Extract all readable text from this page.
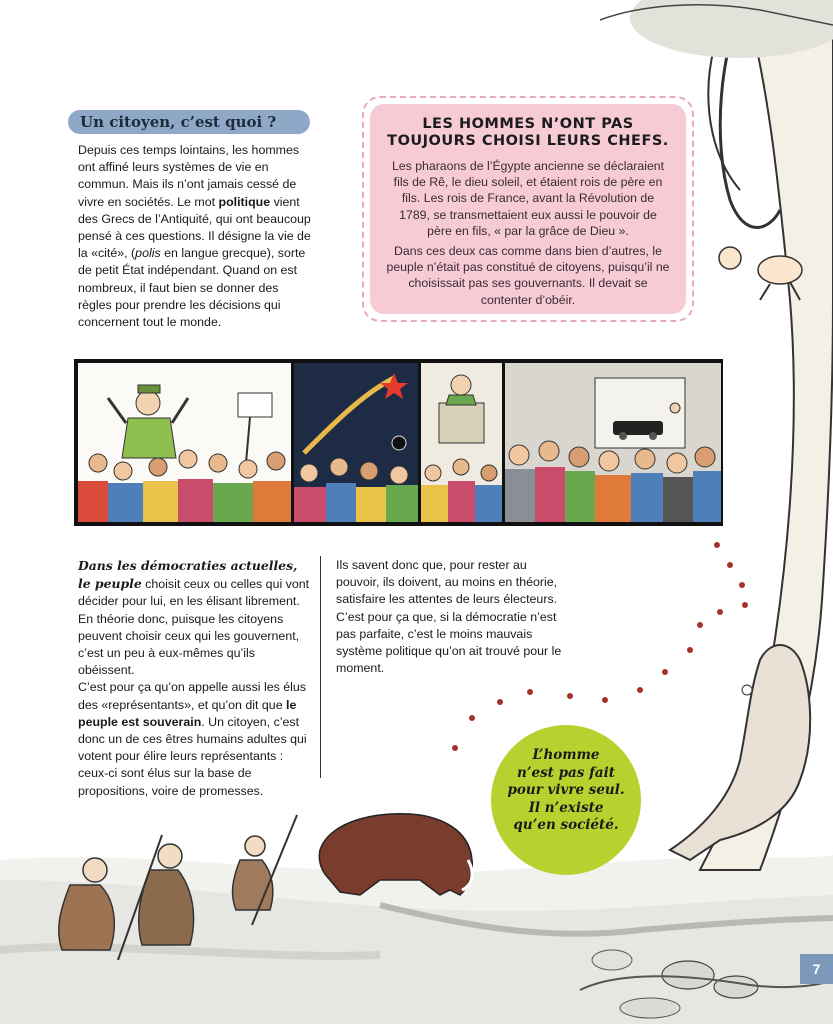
Un citoyen, c’est quoi ?
Depuis ces temps lointains, les hommes ont affiné leurs systèmes de vie en commun. Mais ils n’ont jamais cessé de vivre en sociétés. Le mot politique vient des Grecs de l’Antiquité, qui ont beaucoup pensé à ces questions. Il désigne la vie de la «cité», (polis en langue grecque), sorte de petit État indépendant. Quand on est nombreux, il faut bien se donner des règles pour prendre les décisions qui concernent tout le monde.
LES HOMMES N’ONT PAS TOUJOURS CHOISI LEURS CHEFS.

Les pharaons de l’Égypte ancienne se déclaraient fils de Rê, le dieu soleil, et étaient rois de père en fils. Les rois de France, avant la Révolution de 1789, se transmettaient eux aussi le pouvoir de père en fils, « par la grâce de Dieu ».

Dans ces deux cas comme dans bien d’autres, le peuple n’était pas constitué de citoyens, puisqu’il ne choisissait pas ses gouvernants. Il devait se contenter d’obéir.

Dans les démocraties actuelles, le peuple choisit ceux ou celles qui vont décider pour lui, en les élisant librement.
En théorie donc, puisque les citoyens peuvent choisir ceux qui les gouvernent, c’est un peu à eux-mêmes qu’ils obéissent.
C’est pour ça qu’on appelle aussi les élus des «représentants», et qu’on dit que le peuple est souverain. Un citoyen, c’est donc un de ces êtres humains adultes qui votent pour élire leurs représentants : ceux-ci sont élus sur la base de propositions, voire de promesses.
Ils savent donc que, pour rester au pouvoir, ils doivent, au moins en théorie, satisfaire les attentes de leurs électeurs.
C’est pour ça que, si la démocratie n’est pas parfaite, c’est le moins mauvais système politique qu’on ait trouvé pour le moment.
L’homme
n’est pas fait
pour vivre seul.
Il n’existe
qu’en société.
7
